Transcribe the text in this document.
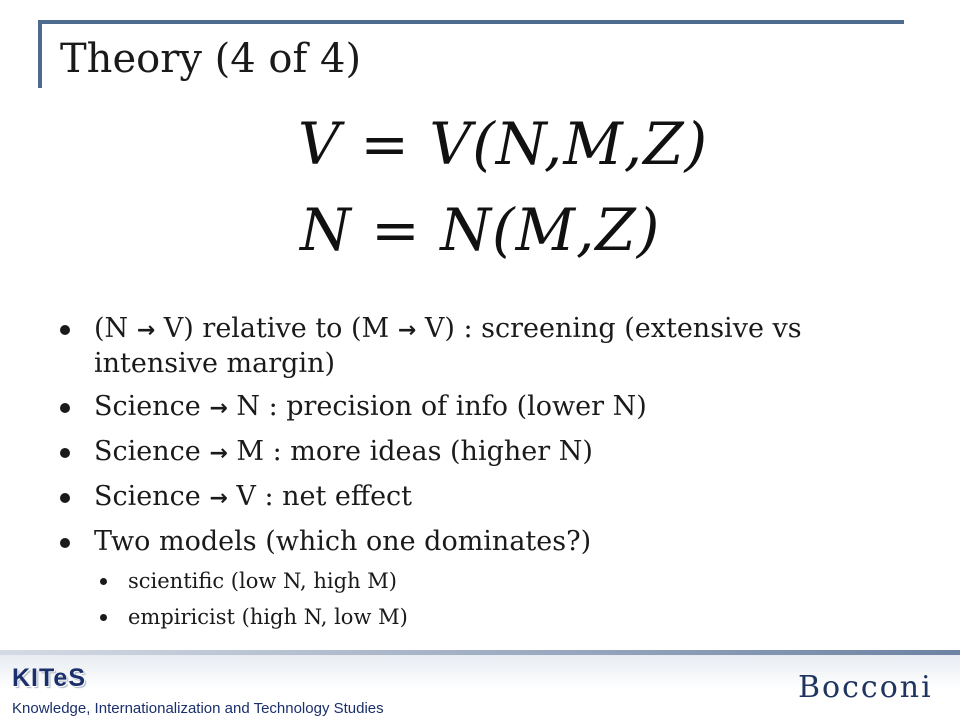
Theory (4 of 4)
V = V(N,M,Z)
N = N(M,Z)
(N → V) relative to (M → V) : screening (extensive vs intensive margin)
Science → N : precision of info (lower N)
Science → M : more ideas (higher N)
Science → V : net effect
Two models (which one dominates?)
scientific (low N, high M)
empiricist (high N, low M)
KITeS
Knowledge, Internationalization and Technology Studies
Bocconi
